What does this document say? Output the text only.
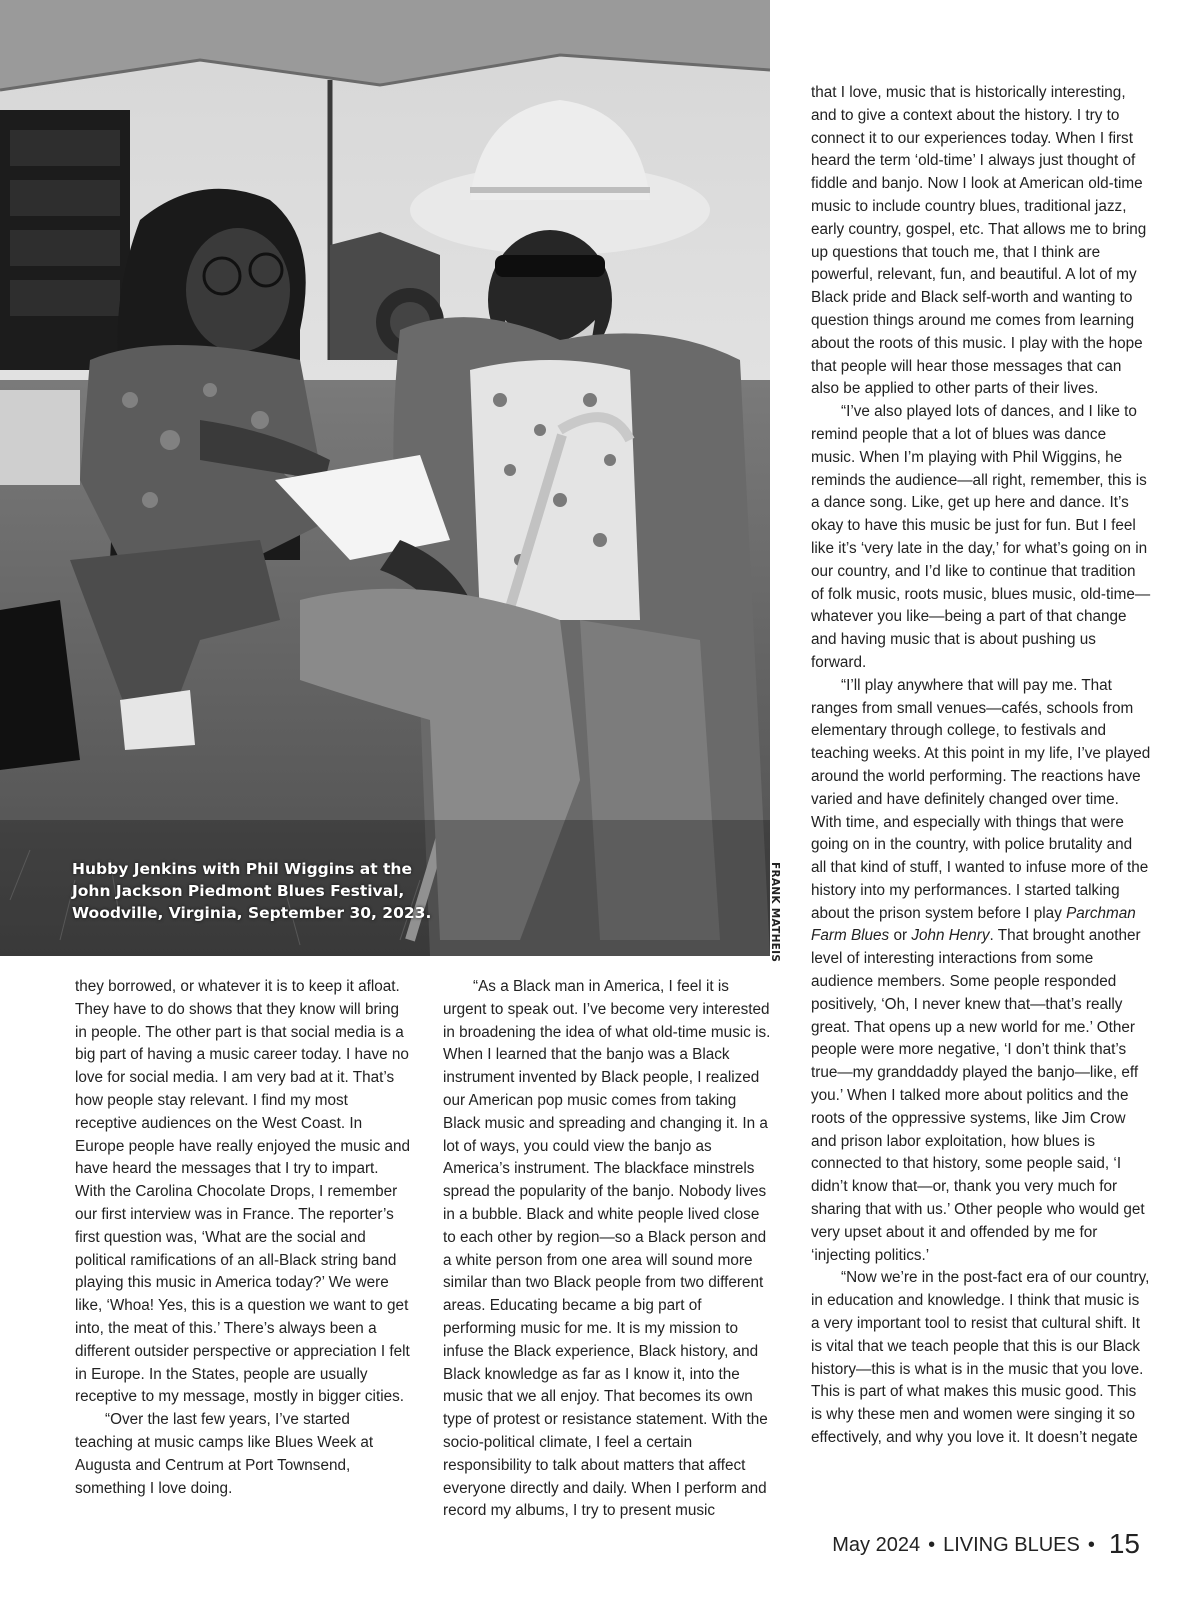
Hubby Jenkins with Phil Wiggins at the John Jackson Piedmont Blues Festival, Woodville, Virginia, September 30, 2023.	FRANK MATHEIS

they borrowed, or whatever it is to keep it afloat. They have to do shows that they know will bring in people. The other part is that social media is a big part of having a music career today. I have no love for social media. I am very bad at it. That’s how people stay relevant. I find my most receptive audiences on the West Coast. In Europe people have really enjoyed the music and have heard the messages that I try to impart. With the Carolina Chocolate Drops, I remember our first interview was in France. The reporter’s first question was, ‘What are the social and political ramifications of an all-Black string band playing this music in America today?’ We were like, ‘Whoa! Yes, this is a question we want to get into, the meat of this.’ There’s always been a different outsider perspective or appreciation I felt in Europe. In the States, people are usually receptive to my message, mostly in bigger cities.

“Over the last few years, I’ve started teaching at music camps like Blues Week at Augusta and Centrum at Port Townsend, something I love doing.

“As a Black man in America, I feel it is urgent to speak out. I’ve become very interested in broadening the idea of what old-time music is. When I learned that the banjo was a Black instrument invented by Black people, I realized our American pop music comes from taking Black music and spreading and changing it. In a lot of ways, you could view the banjo as America’s instrument. The blackface minstrels spread the popularity of the banjo. Nobody lives in a bubble. Black and white people lived close to each other by region—so a Black person and a white person from one area will sound more similar than two Black people from two different areas. Educating became a big part of performing music for me. It is my mission to infuse the Black experience, Black history, and Black knowledge as far as I know it, into the music that we all enjoy. That becomes its own type of protest or resistance statement. With the socio-political climate, I feel a certain responsibility to talk about matters that affect everyone directly and daily. When I perform and record my albums, I try to present music

that I love, music that is historically interesting, and to give a context about the history. I try to connect it to our experiences today. When I first heard the term ‘old-time’ I always just thought of fiddle and banjo. Now I look at American old-time music to include country blues, traditional jazz, early country, gospel, etc. That allows me to bring up questions that touch me, that I think are powerful, relevant, fun, and beautiful. A lot of my Black pride and Black self-worth and wanting to question things around me comes from learning about the roots of this music. I play with the hope that people will hear those messages that can also be applied to other parts of their lives.

“I’ve also played lots of dances, and I like to remind people that a lot of blues was dance music. When I’m playing with Phil Wiggins, he reminds the audience—all right, remember, this is a dance song. Like, get up here and dance. It’s okay to have this music be just for fun. But I feel like it’s ‘very late in the day,’ for what’s going on in our country, and I’d like to continue that tradition of folk music, roots music, blues music, old-time—whatever you like—being a part of that change and having music that is about pushing us forward.

“I’ll play anywhere that will pay me. That ranges from small venues—cafés, schools from elementary through college, to festivals and teaching weeks. At this point in my life, I’ve played around the world performing. The reactions have varied and have definitely changed over time. With time, and especially with things that were going on in the country, with police brutality and all that kind of stuff, I wanted to infuse more of the history into my performances. I started talking about the prison system before I play Parchman Farm Blues or John Henry. That brought another level of interesting interactions from some audience members. Some people responded positively, ‘Oh, I never knew that—that’s really great. That opens up a new world for me.’ Other people were more negative, ‘I don’t think that’s true—my granddaddy played the banjo—like, eff you.’ When I talked more about politics and the roots of the oppressive systems, like Jim Crow and prison labor exploitation, how blues is connected to that history, some people said, ‘I didn’t know that—or, thank you very much for sharing that with us.’ Other people who would get very upset about it and offended by me for ‘injecting politics.’

“Now we’re in the post-fact era of our country, in education and knowledge. I think that music is a very important tool to resist that cultural shift. It is vital that we teach people that this is our Black history—this is what is in the music that you love. This is part of what makes this music good. This is why these men and women were singing it so effectively, and why you love it. It doesn’t negate

May 2024 • LIVING BLUES • 15
